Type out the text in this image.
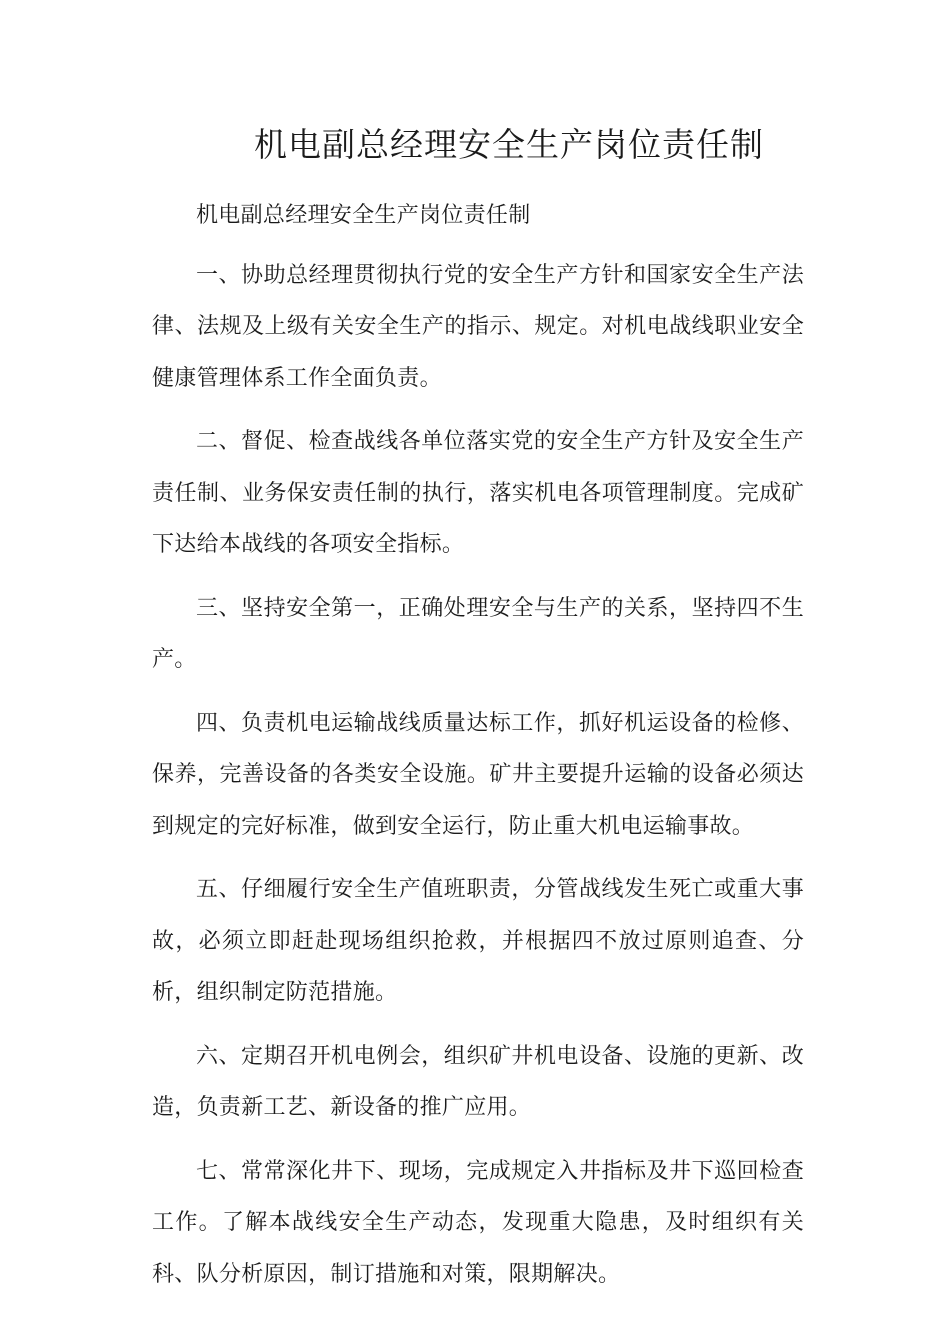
机电副总经理安全生产岗位责任制

机电副总经理安全生产岗位责任制

一、协助总经理贯彻执行党的安全生产方针和国家安全生产法律、法规及上级有关安全生产的指示、规定。对机电战线职业安全健康管理体系工作全面负责。

二、督促、检查战线各单位落实党的安全生产方针及安全生产责任制、业务保安责任制的执行，落实机电各项管理制度。完成矿下达给本战线的各项安全指标。

三、坚持安全第一，正确处理安全与生产的关系，坚持四不生产。

四、负责机电运输战线质量达标工作，抓好机运设备的检修、保养，完善设备的各类安全设施。矿井主要提升运输的设备必须达到规定的完好标准，做到安全运行，防止重大机电运输事故。

五、仔细履行安全生产值班职责，分管战线发生死亡或重大事故，必须立即赶赴现场组织抢救，并根据四不放过原则追查、分析，组织制定防范措施。

六、定期召开机电例会，组织矿井机电设备、设施的更新、改造，负责新工艺、新设备的推广应用。

七、常常深化井下、现场，完成规定入井指标及井下巡回检查工作。了解本战线安全生产动态，发现重大隐患，及时组织有关科、队分析原因，制订措施和对策，限期解决。
